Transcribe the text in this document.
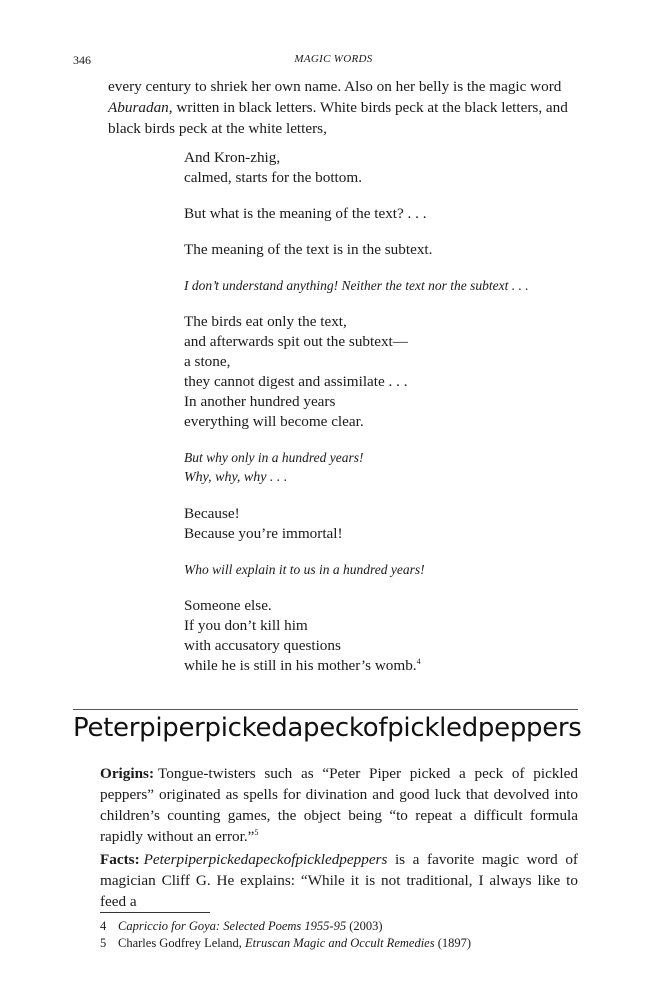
346	MAGIC WORDS

every century to shriek her own name. Also on her belly is the magic word Aburadan, written in black letters. White birds peck at the black letters, and black birds peck at the white letters,

And Kron-zhig,
calmed, starts for the bottom.
But what is the meaning of the text? . . .
The meaning of the text is in the subtext.
I don’t understand anything! Neither the text nor the subtext . . .
The birds eat only the text,
and afterwards spit out the subtext—
a stone,
they cannot digest and assimilate . . .
In another hundred years
everything will become clear.
But why only in a hundred years!
Why, why, why . . .
Because!
Because you’re immortal!
Who will explain it to us in a hundred years!
Someone else.
If you don’t kill him
with accusatory questions
while he is still in his mother’s womb.$^4$
Peterpiperpickedapeckofpickledpeppers

Origins: Tongue-twisters such as “Peter Piper picked a peck of pickled peppers” originated as spells for divination and good luck that devolved into children’s counting games, the object being “to repeat a difficult formula rapidly without an error.”$^5$

Facts: Peterpiperpickedapeckofpickledpeppers is a favorite magic word of magician Cliff G. He explains: “While it is not traditional, I always like to feed a

4 Capriccio for Goya: Selected Poems 1955-95 (2003)
5 Charles Godfrey Leland, Etruscan Magic and Occult Remedies (1897)
